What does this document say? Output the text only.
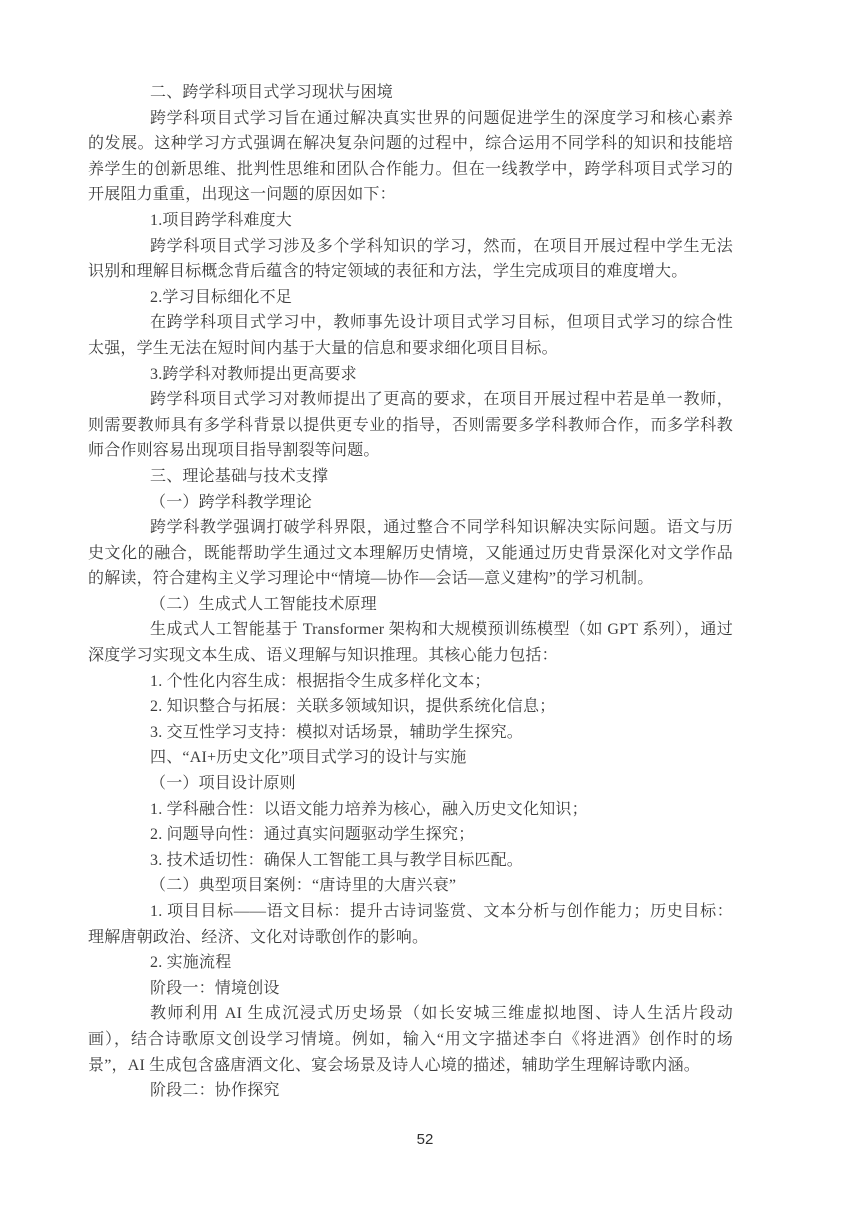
二、跨学科项目式学习现状与困境

跨学科项目式学习旨在通过解决真实世界的问题促进学生的深度学习和核心素养的发展。这种学习方式强调在解决复杂问题的过程中，综合运用不同学科的知识和技能培养学生的创新思维、批判性思维和团队合作能力。但在一线教学中，跨学科项目式学习的开展阻力重重，出现这一问题的原因如下：

1.项目跨学科难度大

跨学科项目式学习涉及多个学科知识的学习，然而，在项目开展过程中学生无法识别和理解目标概念背后蕴含的特定领域的表征和方法，学生完成项目的难度增大。

2.学习目标细化不足

在跨学科项目式学习中，教师事先设计项目式学习目标，但项目式学习的综合性太强，学生无法在短时间内基于大量的信息和要求细化项目目标。

3.跨学科对教师提出更高要求

跨学科项目式学习对教师提出了更高的要求，在项目开展过程中若是单一教师，则需要教师具有多学科背景以提供更专业的指导，否则需要多学科教师合作，而多学科教师合作则容易出现项目指导割裂等问题。

三、理论基础与技术支撑

（一）跨学科教学理论

跨学科教学强调打破学科界限，通过整合不同学科知识解决实际问题。语文与历史文化的融合，既能帮助学生通过文本理解历史情境，又能通过历史背景深化对文学作品的解读，符合建构主义学习理论中“情境—协作—会话—意义建构”的学习机制。

（二）生成式人工智能技术原理

生成式人工智能基于 Transformer 架构和大规模预训练模型（如 GPT 系列），通过深度学习实现文本生成、语义理解与知识推理。其核心能力包括：

1. 个性化内容生成：根据指令生成多样化文本；

2. 知识整合与拓展：关联多领域知识，提供系统化信息；

3. 交互性学习支持：模拟对话场景，辅助学生探究。

四、“AI+历史文化”项目式学习的设计与实施

（一）项目设计原则

1. 学科融合性：以语文能力培养为核心，融入历史文化知识；

2. 问题导向性：通过真实问题驱动学生探究；

3. 技术适切性：确保人工智能工具与教学目标匹配。

（二）典型项目案例：“唐诗里的大唐兴衰”

1. 项目目标——语文目标：提升古诗词鉴赏、文本分析与创作能力；历史目标：理解唐朝政治、经济、文化对诗歌创作的影响。

2. 实施流程

阶段一：情境创设

教师利用 AI 生成沉浸式历史场景（如长安城三维虚拟地图、诗人生活片段动画），结合诗歌原文创设学习情境。例如，输入“用文字描述李白《将进酒》创作时的场景”，AI 生成包含盛唐酒文化、宴会场景及诗人心境的描述，辅助学生理解诗歌内涵。

阶段二：协作探究

52
